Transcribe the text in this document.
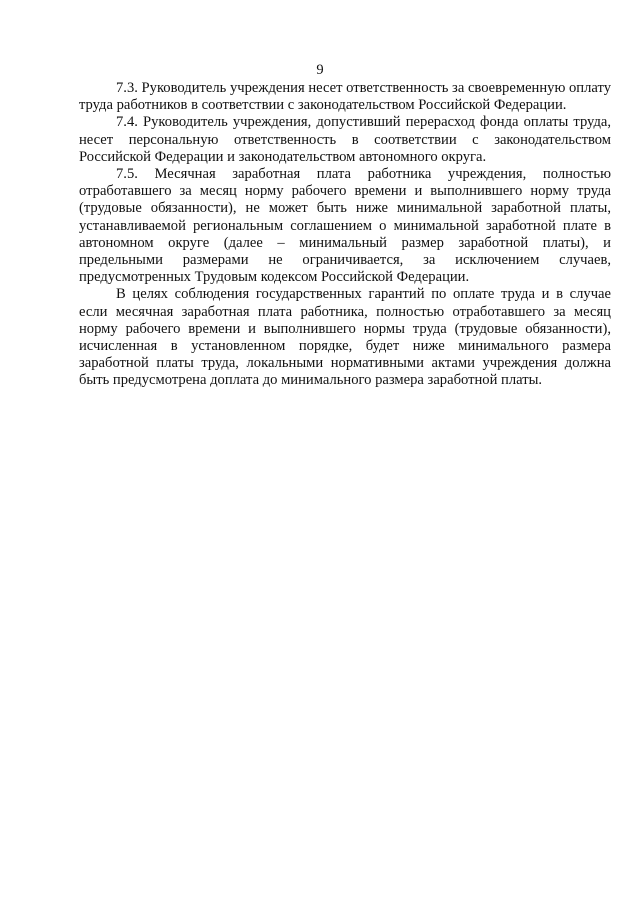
9

7.3. Руководитель учреждения несет ответственность за своевременную оплату труда работников в соответствии с законодательством Российской Федерации.

7.4. Руководитель учреждения, допустивший перерасход фонда оплаты труда, несет персональную ответственность в соответствии с законодательством Российской Федерации и законодательством автономного округа.

7.5. Месячная заработная плата работника учреждения, полностью отработавшего за месяц норму рабочего времени и выполнившего норму труда (трудовые обязанности), не может быть ниже минимальной заработной платы, устанавливаемой региональным соглашением о минимальной заработной плате в автономном округе (далее – минимальный размер заработной платы), и предельными размерами не ограничивается, за исключением случаев, предусмотренных Трудовым кодексом Российской Федерации.

В целях соблюдения государственных гарантий по оплате труда и в случае если месячная заработная плата работника, полностью отработавшего за месяц норму рабочего времени и выполнившего нормы труда (трудовые обязанности), исчисленная в установленном порядке, будет ниже минимального размера заработной платы труда, локальными нормативными актами учреждения должна быть предусмотрена доплата до минимального размера заработной платы.
